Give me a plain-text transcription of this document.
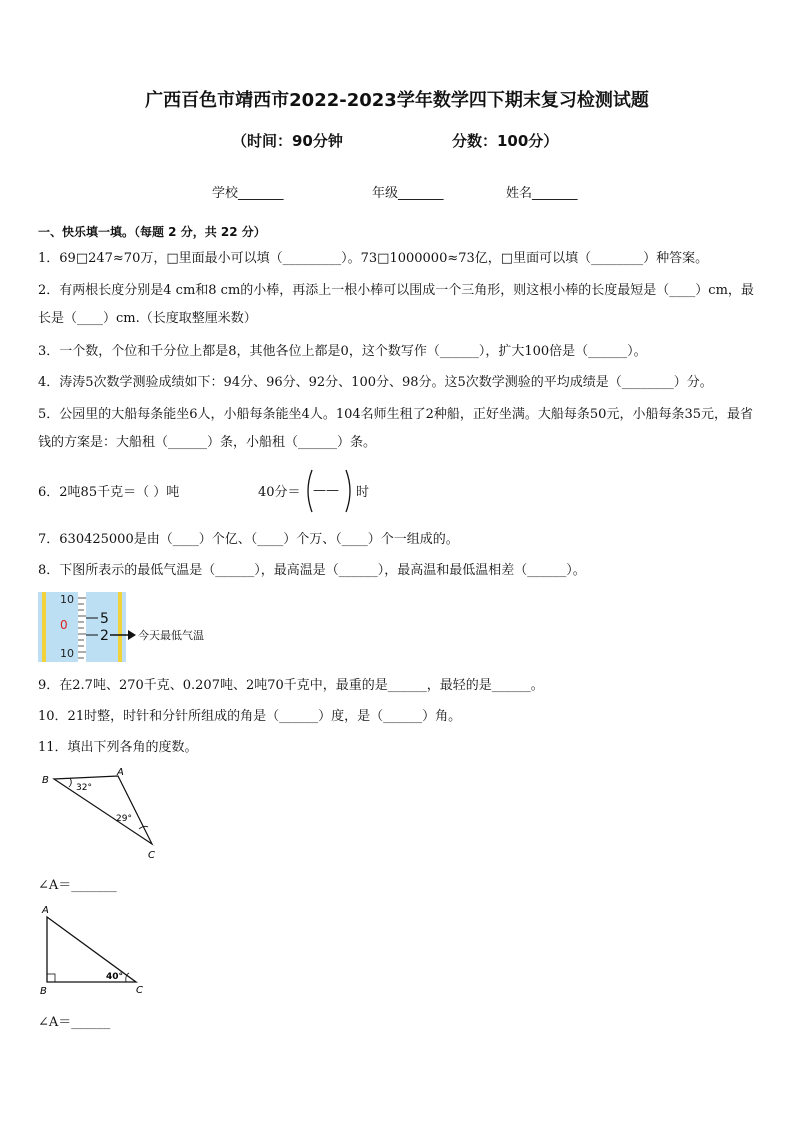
广西百色市靖西市2022-2023学年数学四下期末复习检测试题
（时间：90分钟	分数：100分）
学校_______	年级_______	姓名_______
一、快乐填一填。（每题 2 分，共 22 分）
1．69□247≈70万，□里面最小可以填（_________）。73□1000000≈73亿，□里面可以填（________）种答案。
2．有两根长度分别是4 cm和8 cm的小棒，再添上一根小棒可以围成一个三角形，则这根小棒的长度最短是（____）cm，最长是（____）cm.（长度取整厘米数）
3．一个数，个位和千分位上都是8，其他各位上都是0，这个数写作（______），扩大100倍是（______）。
4．涛涛5次数学测验成绩如下：94分、96分、92分、100分、98分。这5次数学测验的平均成绩是（________）分。
5．公园里的大船每条能坐6人，小船每条能坐4人。104名师生租了2种船，正好坐满。大船每条50元，小船每条35元，最省钱的方案是：大船租（______）条，小船租（______）条。
6．2吨85千克＝（ ）吨	40分＝ —— 时
7．630425000是由（____）个亿、（____）个万、（____）个一组成的。
8．下图所表示的最低气温是（______），最高温是（______），最高温和最低温相差（______）。
10
0
10
5
2	今天最低气温
9．在2.7吨、270千克、0.207吨、2吨70千克中，最重的是______，最轻的是______。
10．21时整，时针和分针所组成的角是（______）度，是（______）角。
11．填出下列各角的度数。
B
A
C
32°
29°
∠A＝_______
A
B	C
40°
∠A＝______
